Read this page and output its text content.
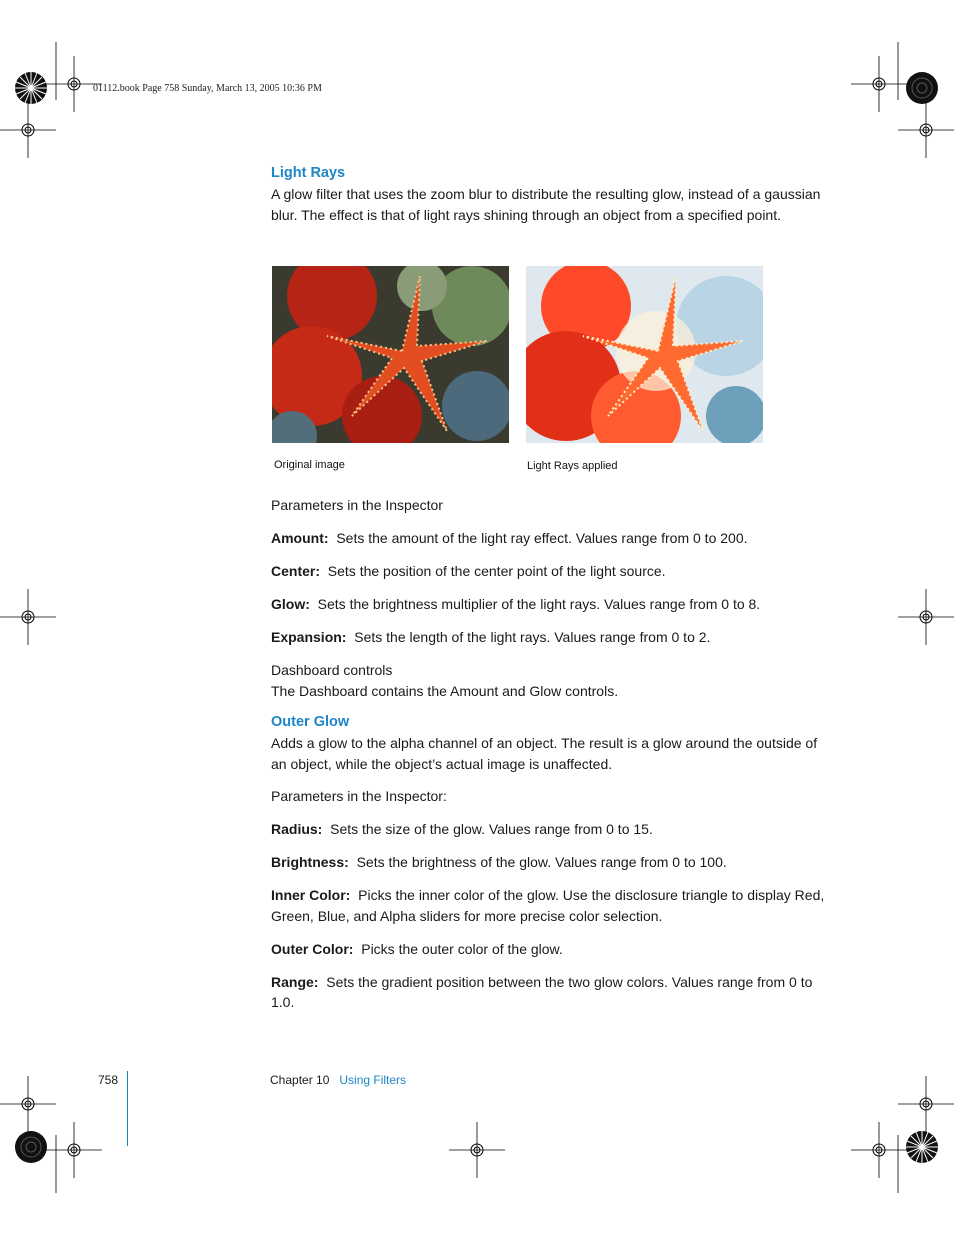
01112.book Page 758 Sunday, March 13, 2005 10:36 PM
Light Rays

A glow filter that uses the zoom blur to distribute the resulting glow, instead of a gaussian blur. The effect is that of light rays shining through an object from a specified point.

Original image	Light Rays applied

Parameters in the Inspector

Amount: Sets the amount of the light ray effect. Values range from 0 to 200.

Center: Sets the position of the center point of the light source.

Glow: Sets the brightness multiplier of the light rays. Values range from 0 to 8.

Expansion: Sets the length of the light rays. Values range from 0 to 2.

Dashboard controls

The Dashboard contains the Amount and Glow controls.

Outer Glow

Adds a glow to the alpha channel of an object. The result is a glow around the outside of an object, while the object’s actual image is unaffected.

Parameters in the Inspector:

Radius: Sets the size of the glow. Values range from 0 to 15.

Brightness: Sets the brightness of the glow. Values range from 0 to 100.

Inner Color: Picks the inner color of the glow. Use the disclosure triangle to display Red, Green, Blue, and Alpha sliders for more precise color selection.

Outer Color: Picks the outer color of the glow.

Range: Sets the gradient position between the two glow colors. Values range from 0 to 1.0.

758	Chapter 10 Using Filters
